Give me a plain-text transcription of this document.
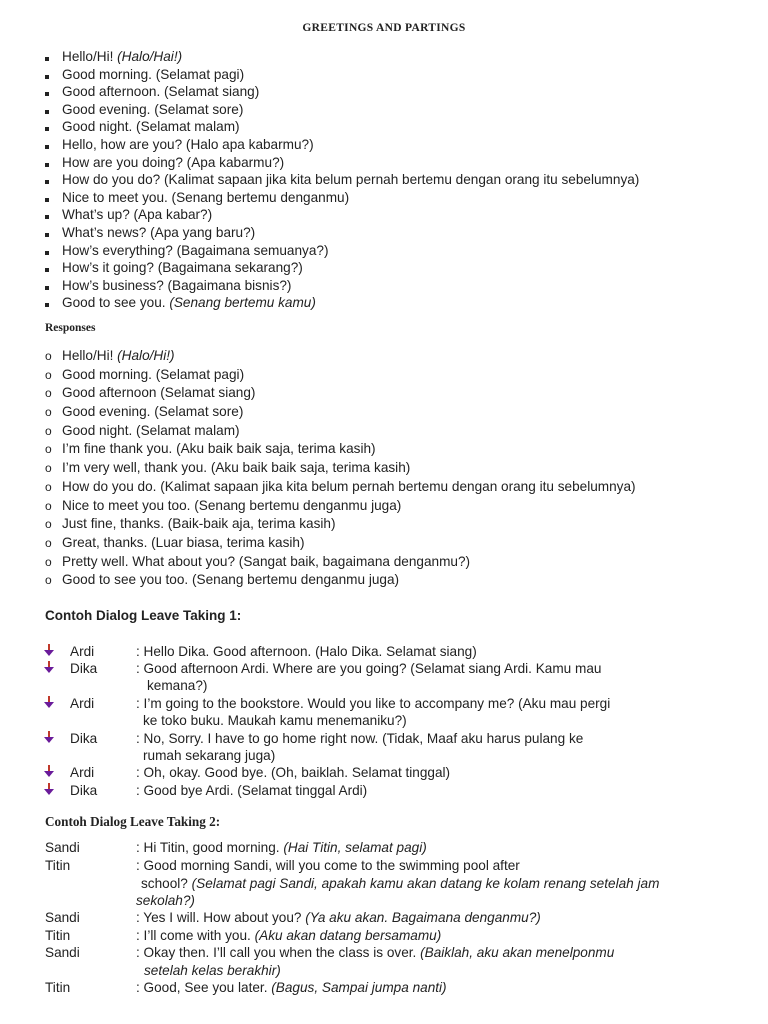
GREETINGS AND PARTINGS
Hello/Hi! (Halo/Hai!)
Good morning. (Selamat pagi)
Good afternoon. (Selamat siang)
Good evening. (Selamat sore)
Good night. (Selamat malam)
Hello, how are you? (Halo apa kabarmu?)
How are you doing? (Apa kabarmu?)
How do you do? (Kalimat sapaan jika kita belum pernah bertemu dengan orang itu sebelumnya)
Nice to meet you. (Senang bertemu denganmu)
What’s up? (Apa kabar?)
What’s news? (Apa yang baru?)
How’s everything? (Bagaimana semuanya?)
How’s it going? (Bagaimana sekarang?)
How’s business? (Bagaimana bisnis?)
Good to see you. (Senang bertemu kamu)
Responses
o Hello/Hi! (Halo/Hi!)
o Good morning. (Selamat pagi)
o Good afternoon (Selamat siang)
o Good evening. (Selamat sore)
o Good night. (Selamat malam)
o I’m fine thank you. (Aku baik baik saja, terima kasih)
o I’m very well, thank you. (Aku baik baik saja, terima kasih)
o How do you do. (Kalimat sapaan jika kita belum pernah bertemu dengan orang itu sebelumnya)
o Nice to meet you too. (Senang bertemu denganmu juga)
o Just fine, thanks. (Baik-baik aja, terima kasih)
o Great, thanks. (Luar biasa, terima kasih)
o Pretty well. What about you? (Sangat baik, bagaimana denganmu?)
o Good to see you too. (Senang bertemu denganmu juga)
Contoh Dialog Leave Taking 1:
Ardi	: Hello Dika. Good afternoon. (Halo Dika. Selamat siang)
Dika	: Good afternoon Ardi. Where are you going? (Selamat siang Ardi. Kamu mau
kemana?)
Ardi	: I’m going to the bookstore. Would you like to accompany me? (Aku mau pergi
ke toko buku. Maukah kamu menemaniku?)
Dika	: No, Sorry. I have to go home right now. (Tidak, Maaf aku harus pulang ke
rumah sekarang juga)
Ardi	: Oh, okay. Good bye. (Oh, baiklah. Selamat tinggal)
Dika	: Good bye Ardi. (Selamat tinggal Ardi)
Contoh Dialog Leave Taking 2:
Sandi	: Hi Titin, good morning. (Hai Titin, selamat pagi)
Titin	: Good morning Sandi, will you come to the swimming pool after
school? (Selamat pagi Sandi, apakah kamu akan datang ke kolam renang setelah jam
sekolah?)
Sandi	: Yes I will. How about you? (Ya aku akan. Bagaimana denganmu?)
Titin	: I’ll come with you. (Aku akan datang bersamamu)
Sandi	: Okay then. I’ll call you when the class is over. (Baiklah, aku akan menelponmu
setelah kelas berakhir)
Titin	: Good, See you later. (Bagus, Sampai jumpa nanti)
